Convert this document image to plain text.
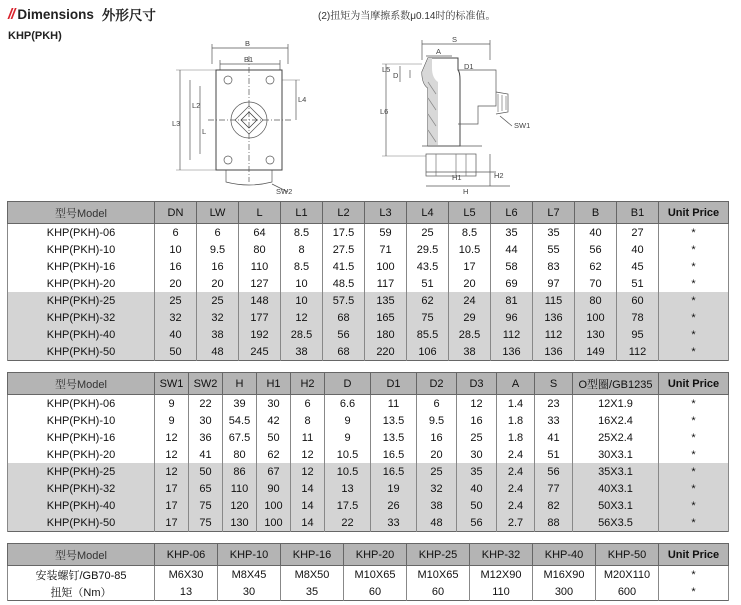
// Dimensions 外形尺寸	(2)扭矩为当摩擦系数μ0.14时的标准值。
KHP(PKH)
B
B1
L3
L2
L
L4
SW2
S
A
L6
L5
D
D1
SW1
H1	H2
H
型号Model	DN	LW	L	L1	L2	L3	L4	L5	L6	L7	B	B1	Unit Price
KHP(PKH)-06	6	6	64	8.5	17.5	59	25	8.5	35	35	40	27	*
KHP(PKH)-10	10	9.5	80	8	27.5	71	29.5	10.5	44	55	56	40	*
KHP(PKH)-16	16	16	110	8.5	41.5	100	43.5	17	58	83	62	45	*
KHP(PKH)-20	20	20	127	10	48.5	117	51	20	69	97	70	51	*
KHP(PKH)-25	25	25	148	10	57.5	135	62	24	81	115	80	60	*
KHP(PKH)-32	32	32	177	12	68	165	75	29	96	136	100	78	*
KHP(PKH)-40	40	38	192	28.5	56	180	85.5	28.5	112	112	130	95	*
KHP(PKH)-50	50	48	245	38	68	220	106	38	136	136	149	112	*
型号Model	SW1	SW2	H	H1	H2	D	D1	D2	D3	A	S	O型圈/GB1235	Unit Price
KHP(PKH)-06	9	22	39	30	6	6.6	11	6	12	1.4	23	12X1.9	*
KHP(PKH)-10	9	30	54.5	42	8	9	13.5	9.5	16	1.8	33	16X2.4	*
KHP(PKH)-16	12	36	67.5	50	11	9	13.5	16	25	1.8	41	25X2.4	*
KHP(PKH)-20	12	41	80	62	12	10.5	16.5	20	30	2.4	51	30X3.1	*
KHP(PKH)-25	12	50	86	67	12	10.5	16.5	25	35	2.4	56	35X3.1	*
KHP(PKH)-32	17	65	110	90	14	13	19	32	40	2.4	77	40X3.1	*
KHP(PKH)-40	17	75	120	100	14	17.5	26	38	50	2.4	82	50X3.1	*
KHP(PKH)-50	17	75	130	100	14	22	33	48	56	2.7	88	56X3.5	*
型号Model	KHP-06	KHP-10	KHP-16	KHP-20	KHP-25	KHP-32	KHP-40	KHP-50	Unit Price
安装螺钉/GB70-85	M6X30	M8X45	M8X50	M10X65	M10X65	M12X90	M16X90	M20X110	*
扭矩（Nm）	13	30	35	60	60	110	300	600	*
